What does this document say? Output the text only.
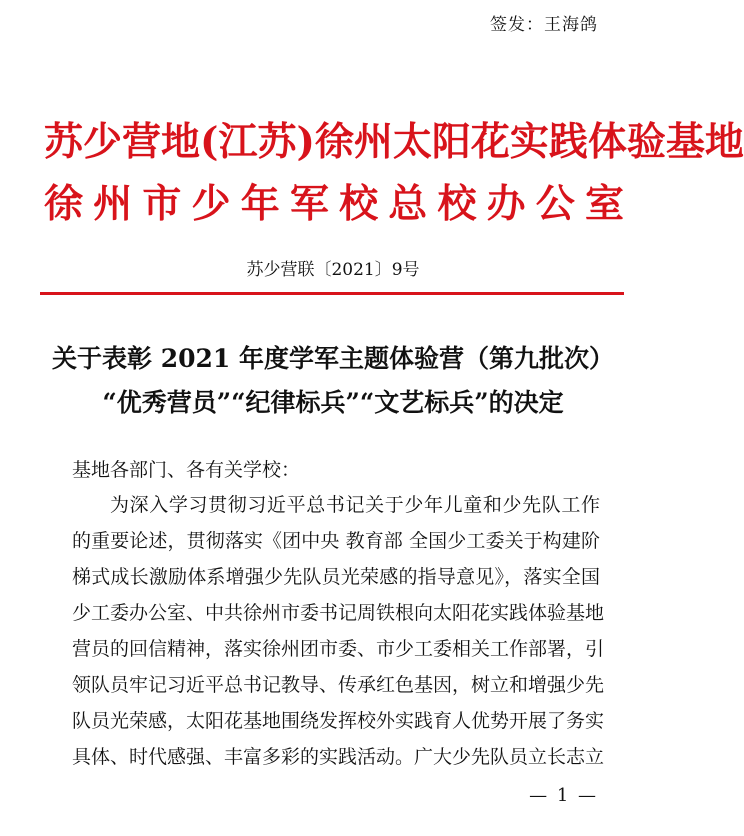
签发：王海鸽
苏少营地(江苏)徐州太阳花实践体验基地
徐州市少年军校总校办公室
苏少营联〔2021〕9号
关于表彰 2021 年度学军主题体验营（第九批次）
“优秀营员”“纪律标兵”“文艺标兵”的决定
基地各部门、各有关学校：
为深入学习贯彻习近平总书记关于少年儿童和少先队工作
的重要论述，贯彻落实《团中央 教育部 全国少工委关于构建阶
梯式成长激励体系增强少先队员光荣感的指导意见》，落实全国
少工委办公室、中共徐州市委书记周铁根向太阳花实践体验基地
营员的回信精神，落实徐州团市委、市少工委相关工作部署，引
领队员牢记习近平总书记教导、传承红色基因，树立和增强少先
队员光荣感，太阳花基地围绕发挥校外实践育人优势开展了务实
具体、时代感强、丰富多彩的实践活动。广大少先队员立长志立
— 1 —
